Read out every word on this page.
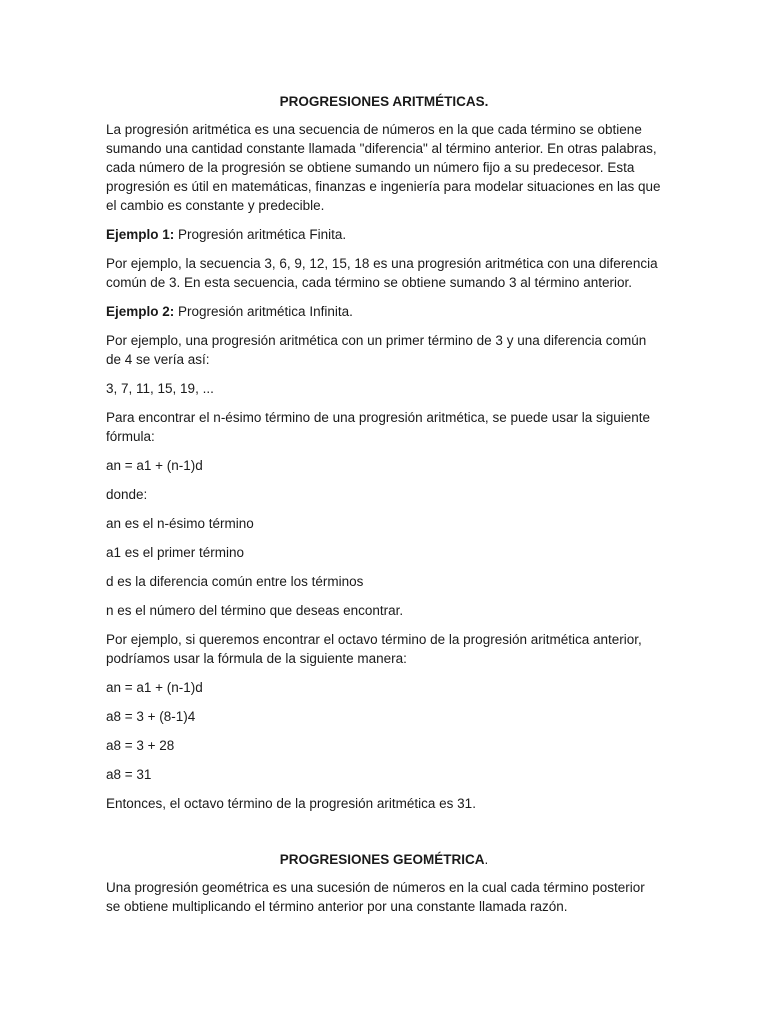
PROGRESIONES ARITMÉTICAS.

La progresión aritmética es una secuencia de números en la que cada término se obtiene sumando una cantidad constante llamada "diferencia" al término anterior. En otras palabras, cada número de la progresión se obtiene sumando un número fijo a su predecesor. Esta progresión es útil en matemáticas, finanzas e ingeniería para modelar situaciones en las que el cambio es constante y predecible.

Ejemplo 1: Progresión aritmética Finita.

Por ejemplo, la secuencia 3, 6, 9, 12, 15, 18 es una progresión aritmética con una diferencia común de 3. En esta secuencia, cada término se obtiene sumando 3 al término anterior.

Ejemplo 2: Progresión aritmética Infinita.

Por ejemplo, una progresión aritmética con un primer término de 3 y una diferencia común de 4 se vería así:

3, 7, 11, 15, 19, ...

Para encontrar el n-ésimo término de una progresión aritmética, se puede usar la siguiente fórmula:

an = a1 + (n-1)d

donde:

an es el n-ésimo término

a1 es el primer término

d es la diferencia común entre los términos

n es el número del término que deseas encontrar.

Por ejemplo, si queremos encontrar el octavo término de la progresión aritmética anterior, podríamos usar la fórmula de la siguiente manera:

an = a1 + (n-1)d

a8 = 3 + (8-1)4

a8 = 3 + 28

a8 = 31

Entonces, el octavo término de la progresión aritmética es 31.

PROGRESIONES GEOMÉTRICA.

Una progresión geométrica es una sucesión de números en la cual cada término posterior se obtiene multiplicando el término anterior por una constante llamada razón.
